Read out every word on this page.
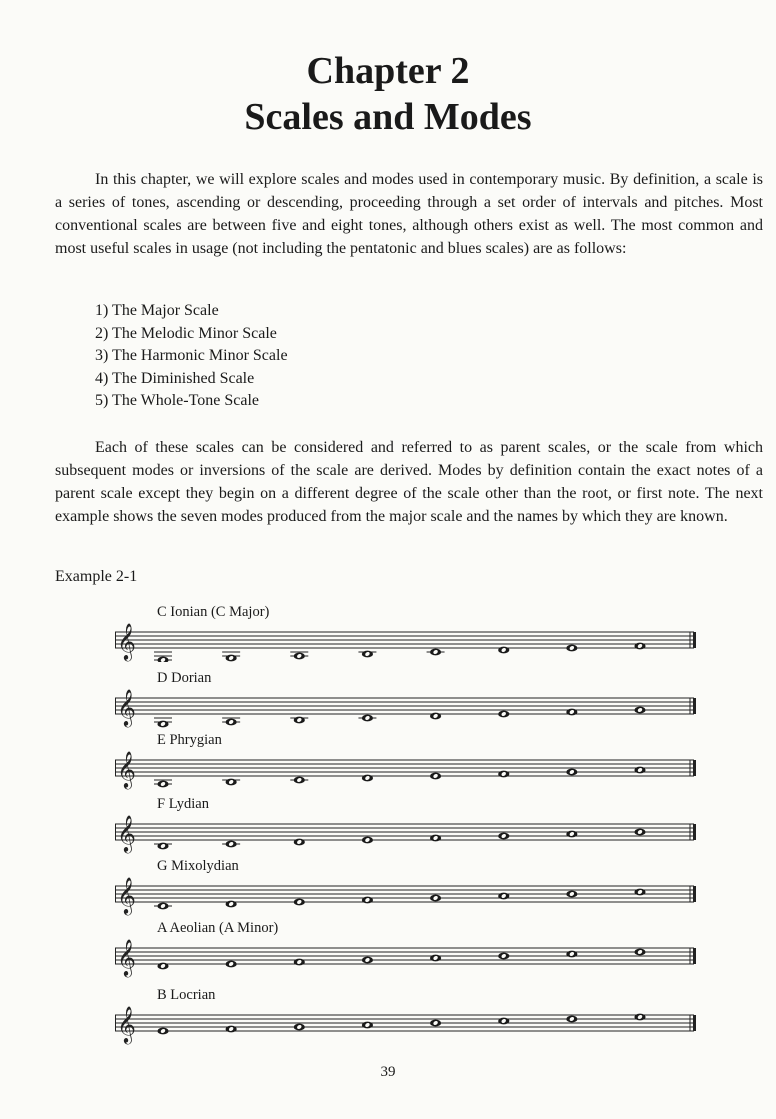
Chapter 2
Scales and Modes

In this chapter, we will explore scales and modes used in contemporary music. By definition, a scale is a series of tones, ascending or descending, proceeding through a set order of intervals and pitches. Most conventional scales are between five and eight tones, although others exist as well. The most common and most useful scales in usage (not including the pentatonic and blues scales) are as follows:

1) The Major Scale
2) The Melodic Minor Scale
3) The Harmonic Minor Scale
4) The Diminished Scale
5) The Whole-Tone Scale

Each of these scales can be considered and referred to as parent scales, or the scale from which subsequent modes or inversions of the scale are derived. Modes by definition contain the exact notes of a parent scale except they begin on a different degree of the scale other than the root, or first note. The next example shows the seven modes produced from the major scale and the names by which they are known.

Example 2-1

C Ionian (C Major)
𝄞
D Dorian
𝄞
E Phrygian
𝄞
F Lydian
𝄞
G Mixolydian
𝄞
A Aeolian (A Minor)
𝄞
B Locrian
𝄞
39
